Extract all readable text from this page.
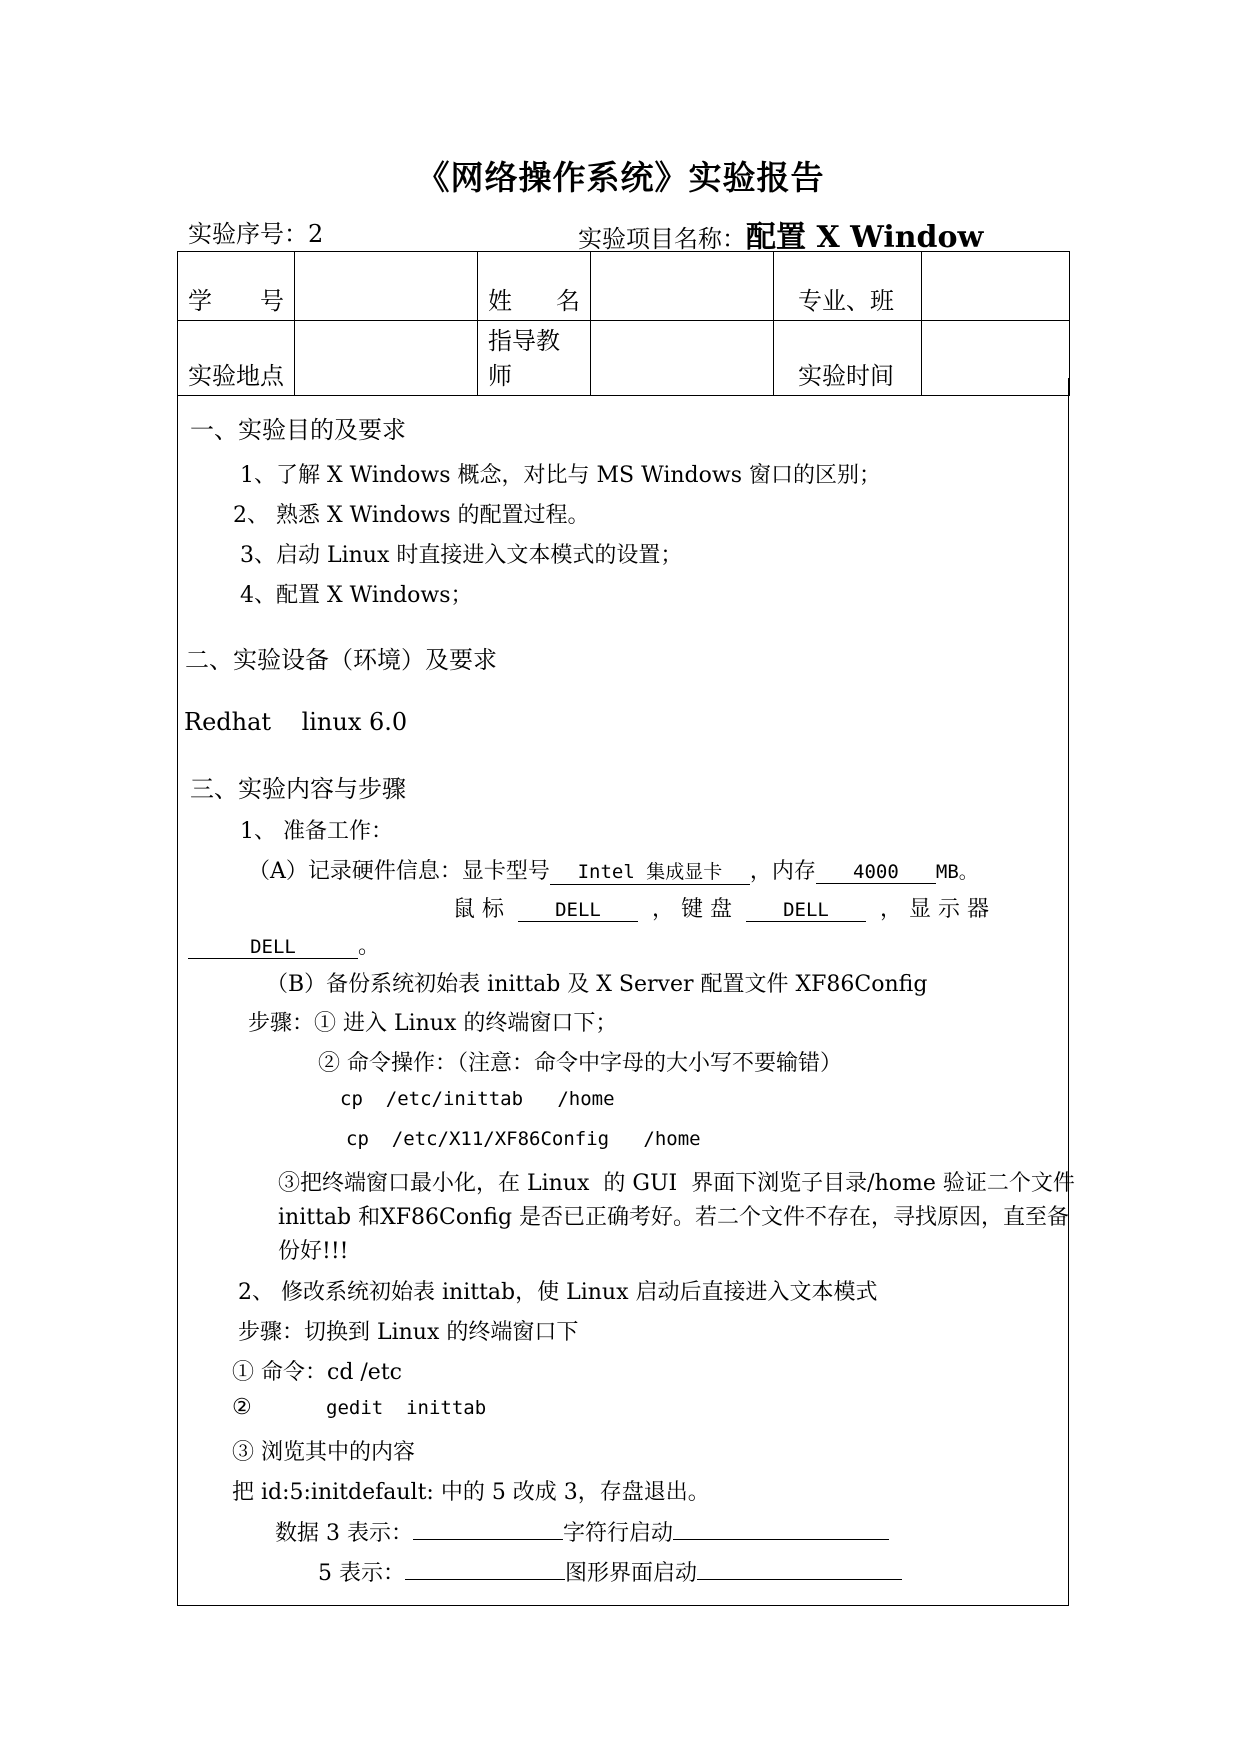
《网络操作系统》实验报告
实验序号：2	实验项目名称：配置 X Window
学 号		姓 名		专业、班	
实验地点		指导教师		实验时间	
一、实验目的及要求
1、了解 X Windows 概念，对比与 MS Windows 窗口的区别；
2、 熟悉 X Windows 的配置过程。
3、启动 Linux 时直接进入文本模式的设置；
4、配置 X Windows；
二、实验设备（环境）及要求
Redhat    linux 6.0
三、实验内容与步骤
1、 准备工作：
（A）记录硬件信息：显卡型号 Intel 集成显卡 ，内存 4000 MB。
鼠 标	DELL ， 键 盘	DELL ， 显 示 器
DELL	。
（B）备份系统初始表 inittab 及 X Server 配置文件 XF86Config
步骤：① 进入 Linux 的终端窗口下；
② 命令操作：（注意：命令中字母的大小写不要输错）
cp  /etc/inittab   /home
cp  /etc/X11/XF86Config   /home
③把终端窗口最小化，在 Linux  的 GUI  界面下浏览子目录/home 验证二个文件
inittab 和XF86Config 是否已正确考好。若二个文件不存在，寻找原因，直至备
份好!!!
2、 修改系统初始表 inittab，使 Linux 启动后直接进入文本模式
步骤：切换到 Linux 的终端窗口下
① 命令：cd /etc
②	gedit  inittab
③ 浏览其中的内容
把 id:5:initdefault: 中的 5 改成 3，存盘退出。
数据 3 表示：	字符行启动
5 表示：	图形界面启动
